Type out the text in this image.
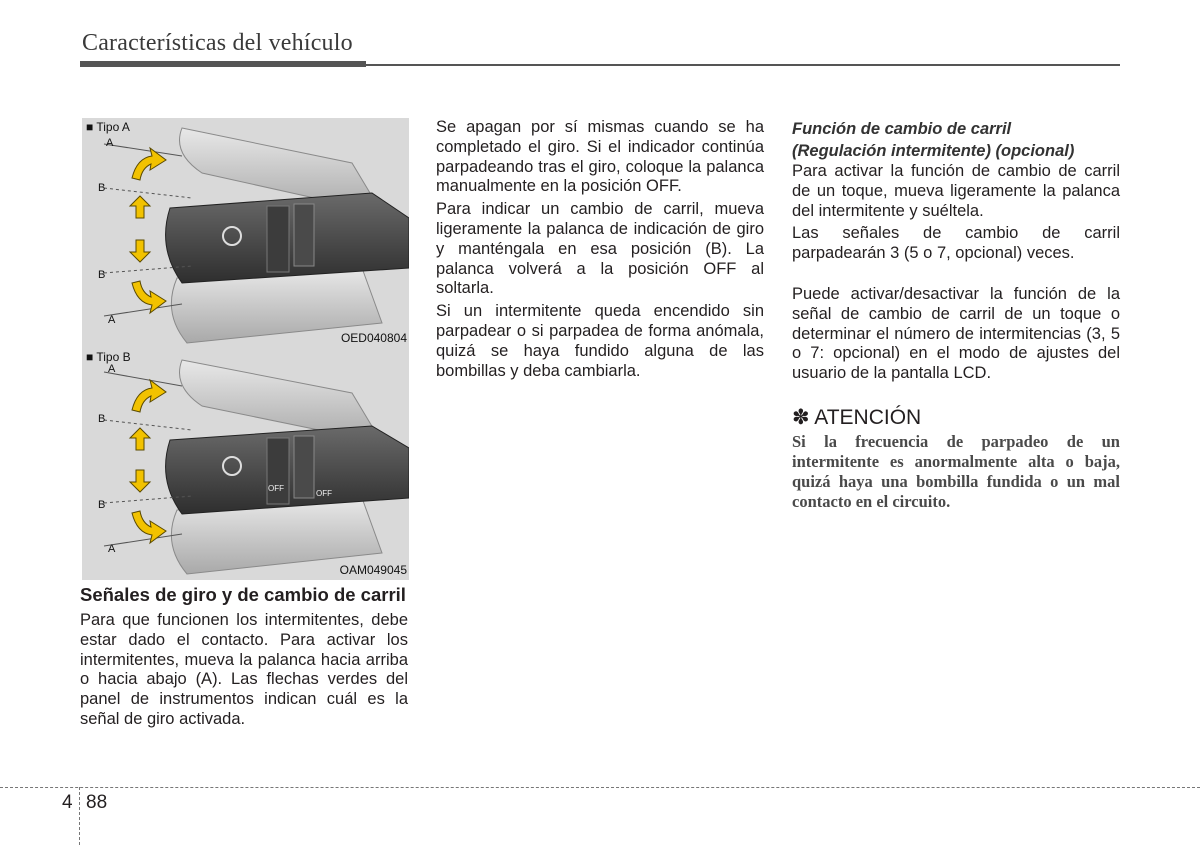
Características del vehículo
A
B
B
A
■ Tipo A
OED040804
OFF
OFF
A
B
B
A
■ Tipo B
OAM049045
Señales de giro y de cambio de carril

Para que funcionen los intermitentes, debe estar dado el contacto. Para activar los intermitentes, mueva la palanca hacia arriba o hacia abajo (A). Las flechas verdes del panel de instrumentos indican cuál es la señal de giro activada.

Se apagan por sí mismas cuando se ha completado el giro. Si el indicador continúa parpadeando tras el giro, coloque la palanca manualmente en la posición OFF.

Para indicar un cambio de carril, mueva ligeramente la palanca de indicación de giro y manténgala en esa posición (B). La palanca volverá a la posición OFF al soltarla.

Si un intermitente queda encendido sin parpadear o si parpadea de forma anómala, quizá se haya fundido alguna de las bombillas y deba cambiarla.

Función de cambio de carril

(Regulación intermitente) (opcional)

Para activar la función de cambio de carril de un toque, mueva ligeramente la palanca del intermitente y suéltela.

Las señales de cambio de carril parpadearán 3 (5 o 7, opcional) veces.

Puede activar/desactivar la función de la señal de cambio de carril de un toque o determinar el número de intermitencias (3, 5 o 7: opcional) en el modo de ajustes del usuario de la pantalla LCD.

✽ ATENCIÓN

Si la frecuencia de parpadeo de un intermitente es anormalmente alta o baja, quizá haya una bombilla fundida o un mal contacto en el circuito.

4 88
